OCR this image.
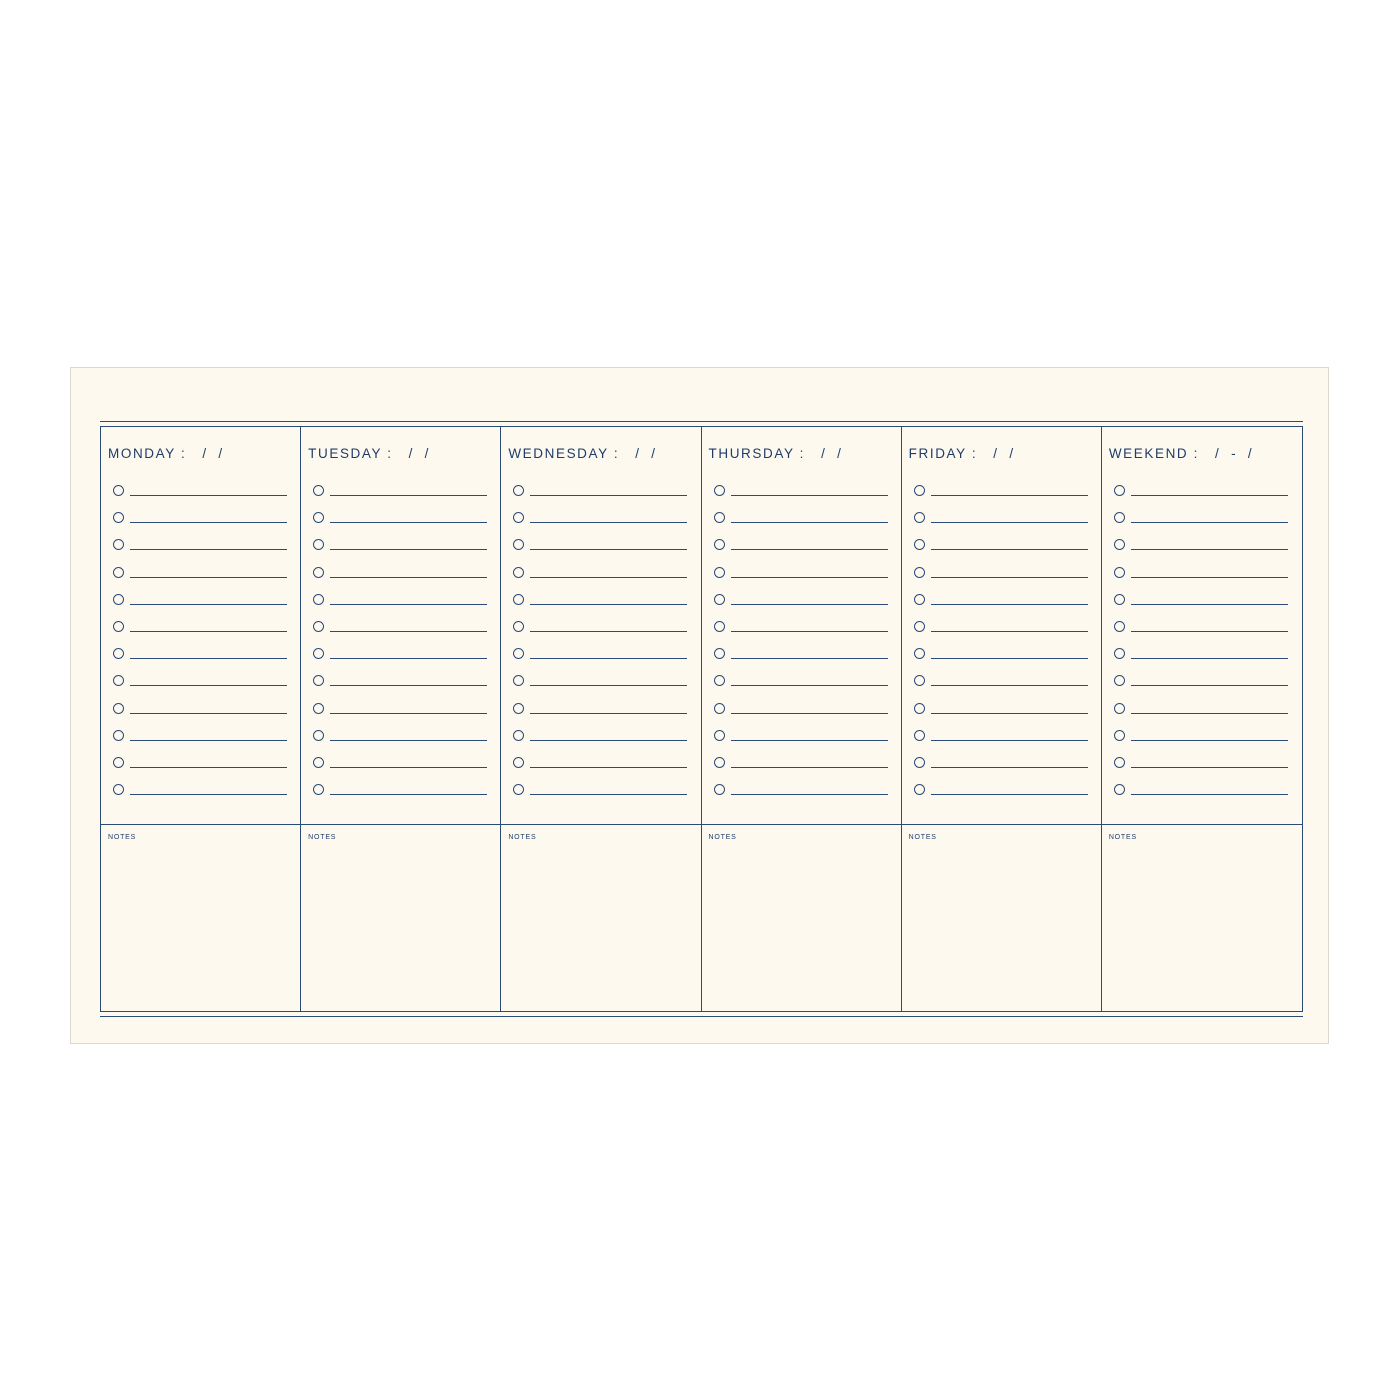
MONDAY :   /  /	TUESDAY :   /  /	WEDNESDAY :   /  /	THURSDAY :   /  /	FRIDAY :   /  /	WEEKEND :   /  -  /
NOTES	NOTES	NOTES	NOTES	NOTES	NOTES
